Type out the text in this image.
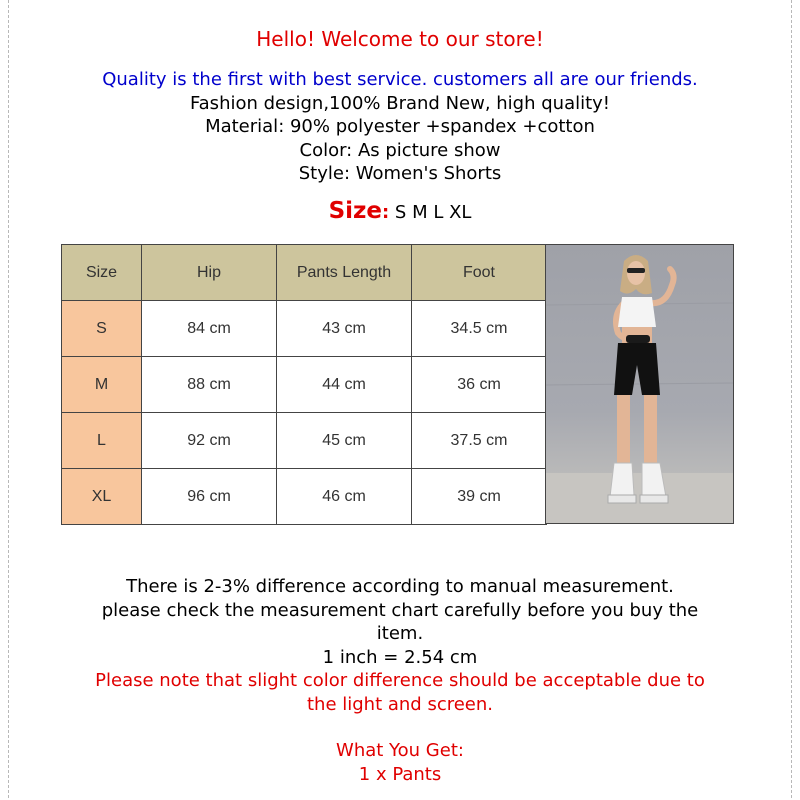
Hello! Welcome to our store!
Quality is the first with best service. customers all are our friends.
Fashion design,100% Brand New, high quality!
Material: 90% polyester +spandex +cotton
Color: As picture show
Style: Women's Shorts
Size: S M L XL
Size	Hip	Pants Length	Foot
S	84 cm	43 cm	34.5 cm
M	88 cm	44 cm	36 cm
L	92 cm	45 cm	37.5 cm
XL	96 cm	46 cm	39 cm
There is 2-3% difference according to manual measurement.
please check the measurement chart carefully before you buy the
item.
1 inch = 2.54 cm
Please note that slight color difference should be acceptable due to
the light and screen.
What You Get:
1 x Pants
